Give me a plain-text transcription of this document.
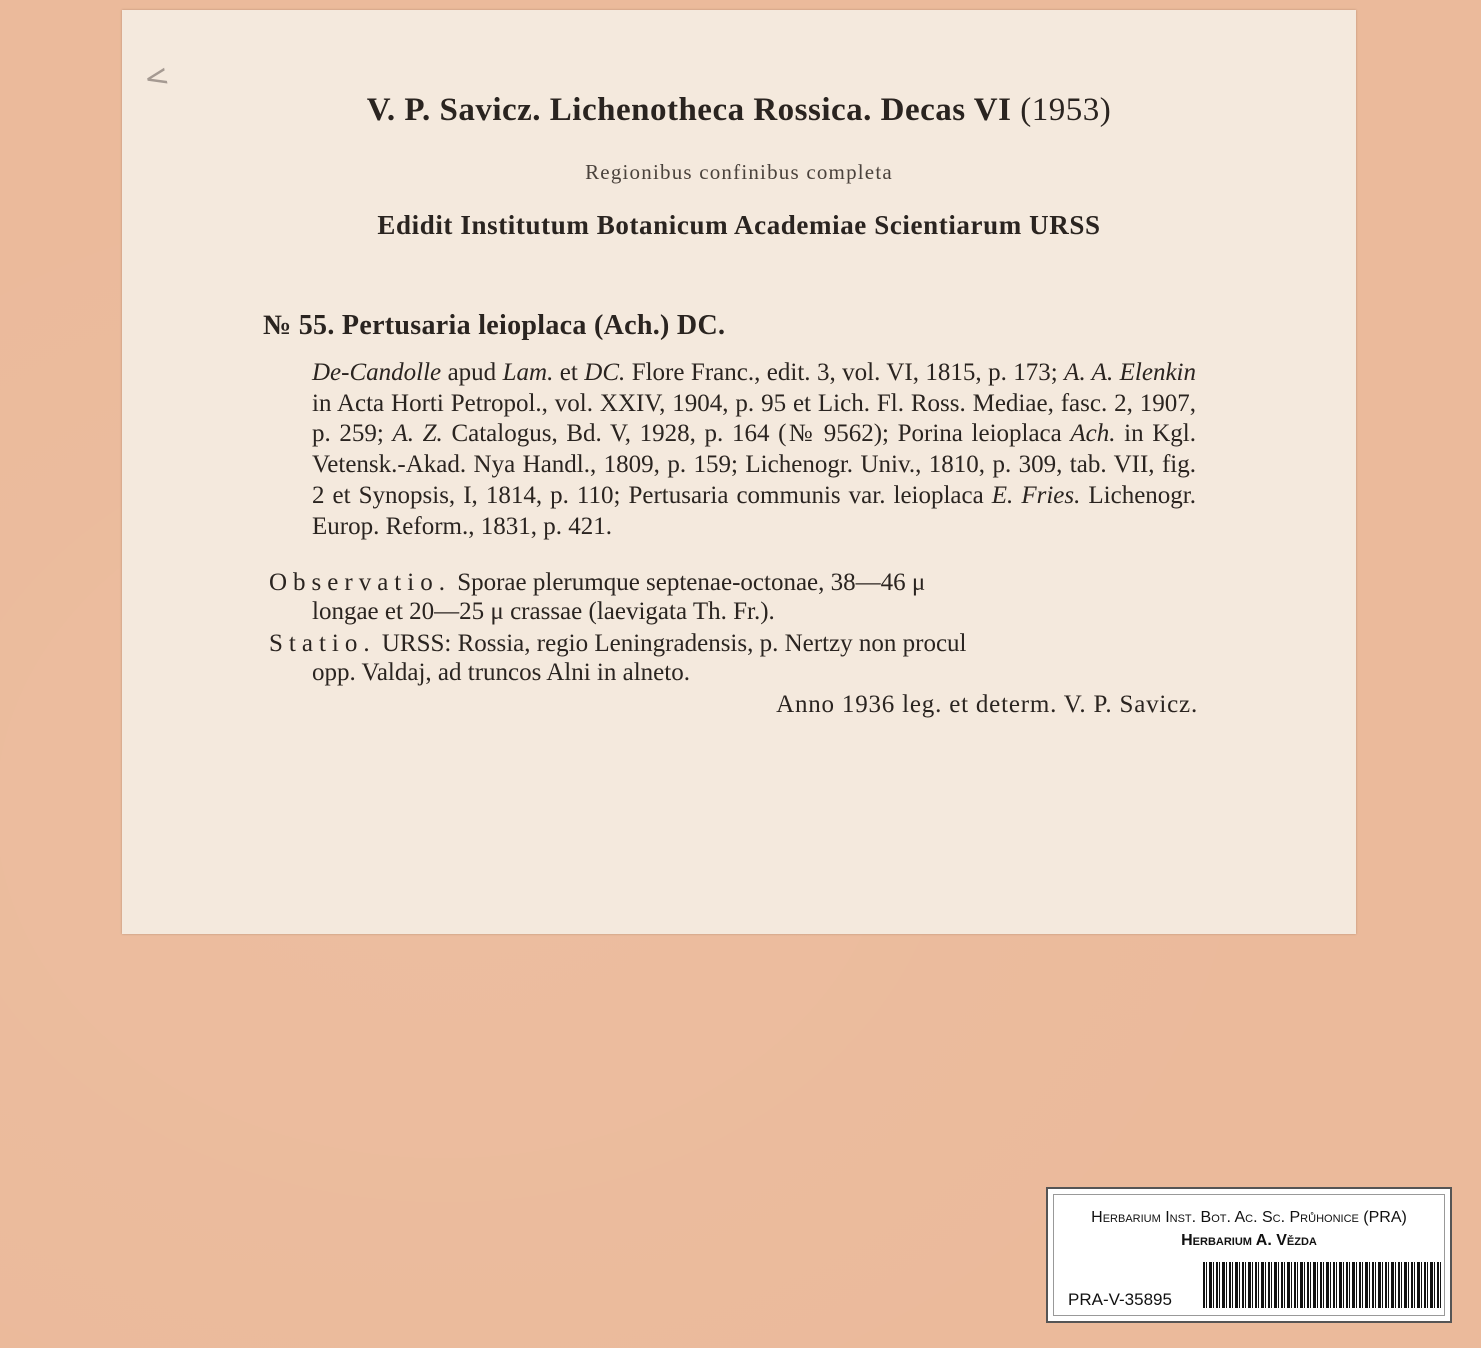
V. P. Savicz. Lichenotheca Rossica. Decas VI (1953)
Regionibus confinibus completa
Edidit Institutum Botanicum Academiae Scientiarum URSS
№ 55. Pertusaria leioplaca (Ach.) DC.
De-Candolle apud Lam. et DC. Flore Franc., edit. 3, vol. VI, 1815, p. 173; A. A. Elenkin in Acta Horti Petropol., vol. XXIV, 1904, p. 95 et Lich. Fl. Ross. Mediae, fasc. 2, 1907, p. 259; A. Z. Catalogus, Bd. V, 1928, p. 164 (№ 9562); Porina leioplaca Ach. in Kgl. Vetensk.-Akad. Nya Handl., 1809, p. 159; Lichenogr. Univ., 1810, p. 309, tab. VII, fig. 2 et Synopsis, I, 1814, p. 110; Pertusaria communis var. leioplaca E. Fries. Lichenogr. Europ. Reform., 1831, p. 421.
Observatio. Sporae plerumque septenae-octonae, 38—46 μ
longae et 20—25 μ crassae (laevigata Th. Fr.).
Statio. URSS: Rossia, regio Leningradensis, p. Nertzy non procul
opp. Valdaj, ad truncos Alni in alneto.
Anno 1936 leg. et determ. V. P. Savicz.
<
Herbarium Inst. Bot. Ac. Sc. Průhonice (PRA)
Herbarium A. Vězda
PRA-V-35895
